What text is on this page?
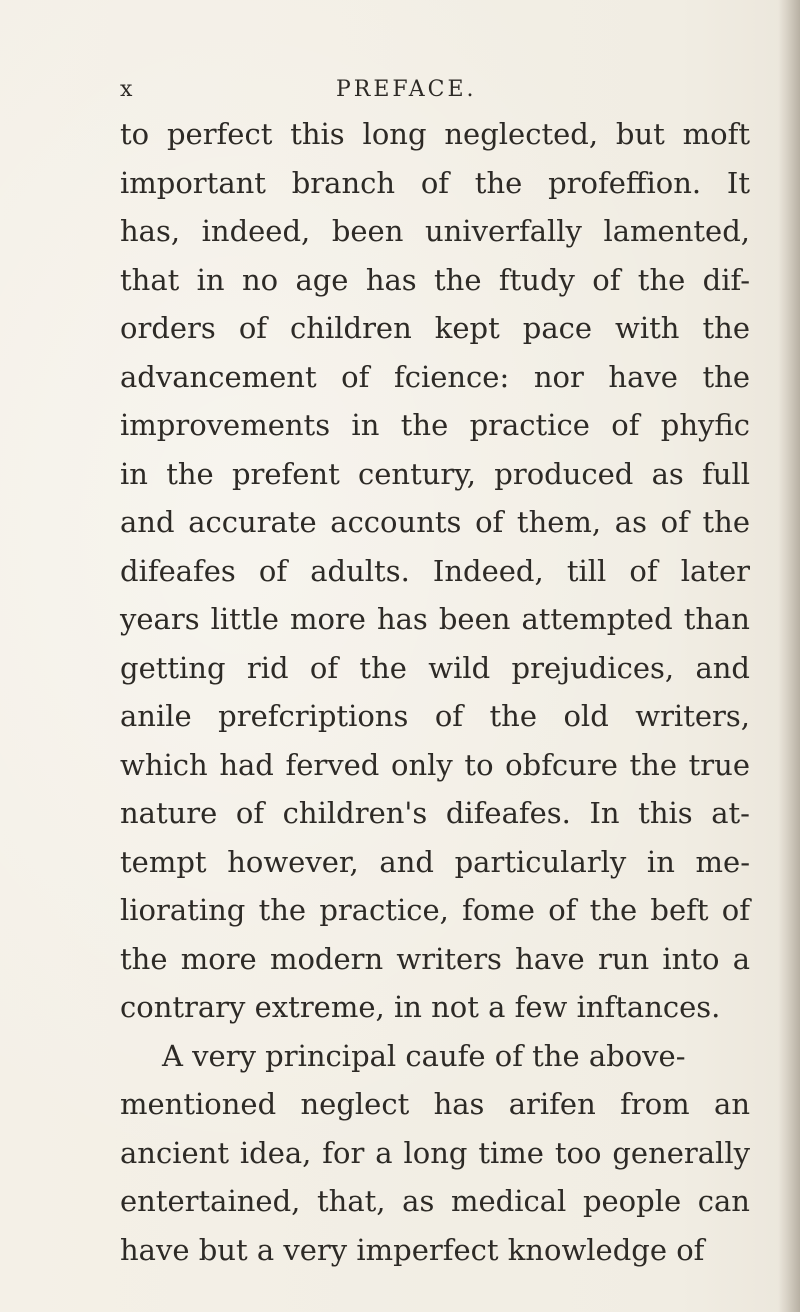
x	PREFACE.
to perfect this long neglected, but moft
important branch of the profeffion. It
has, indeed, been univerfally lamented,
that in no age has the ftudy of the dif-
orders of children kept pace with the
advancement of fcience: nor have the
improvements in the practice of phyfic
in the prefent century, produced as full
and accurate accounts of them, as of the
difeafes of adults. Indeed, till of later
years little more has been attempted than
getting rid of the wild prejudices, and
anile prefcriptions of the old writers,
which had ferved only to obfcure the true
nature of children's difeafes. In this at-
tempt however, and particularly in me-
liorating the practice, fome of the beft of
the more modern writers have run into a
contrary extreme, in not a few inftances.
A very principal caufe of the above-
mentioned neglect has arifen from an
ancient idea, for a long time too generally
entertained, that, as medical people can
have but a very imperfect knowledge of
